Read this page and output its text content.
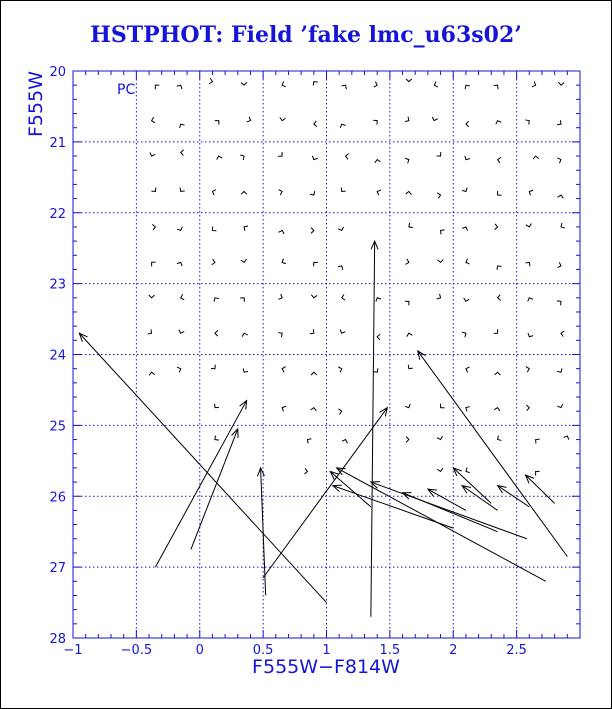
HSTPHOT: Field ’fake lmc_u63s02’
−1	−0.5	0	0.5	1	1.5	2	2.5
20
21
22
23
24
25
26
27
28
PC
F555W−F814W
F555W
